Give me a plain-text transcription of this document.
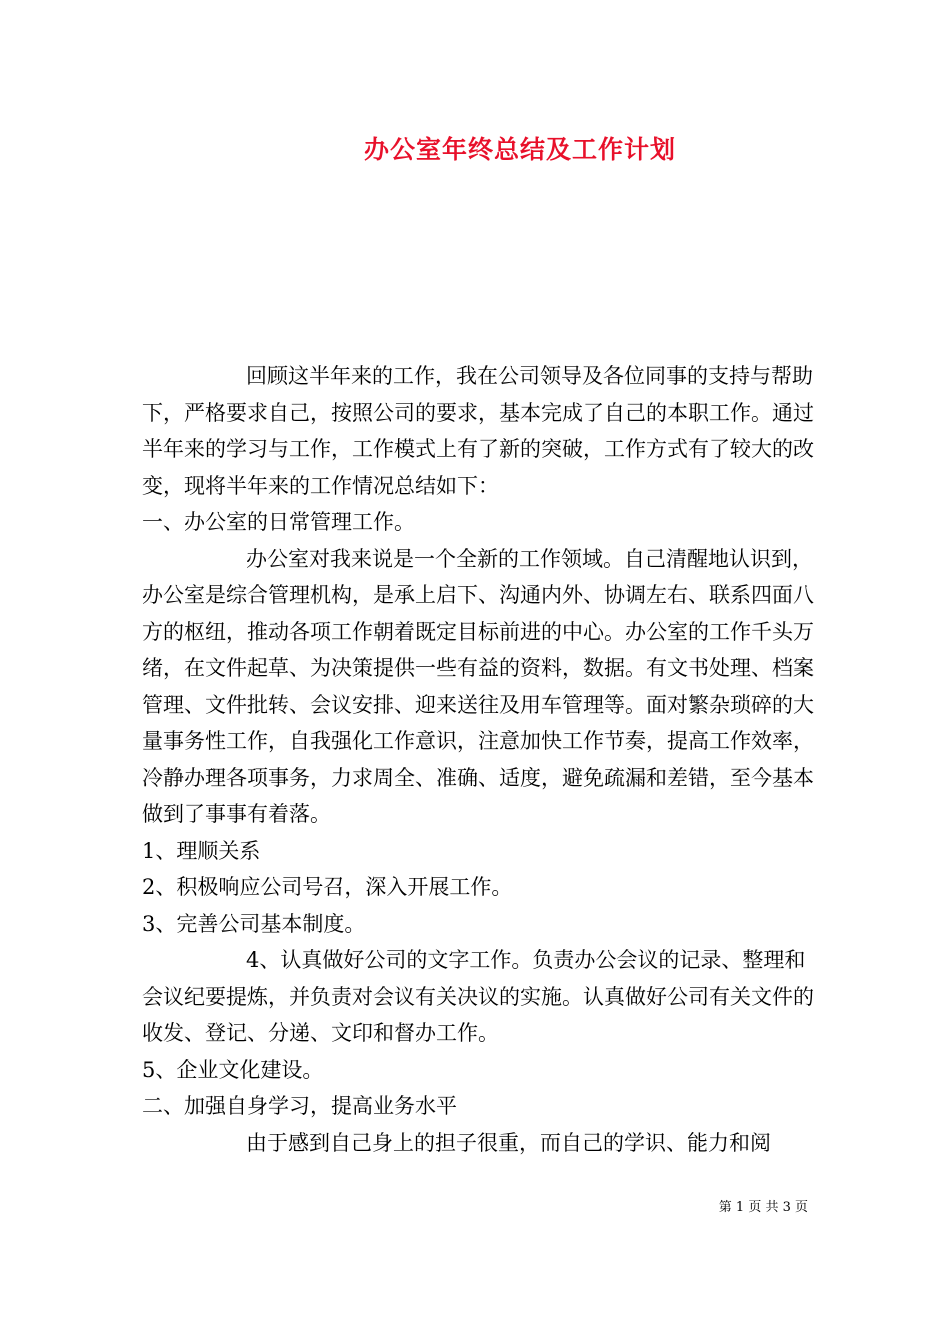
办公室年终总结及工作计划

回顾这半年来的工作，我在公司领导及各位同事的支持与帮助下，严格要求自己，按照公司的要求，基本完成了自己的本职工作。通过半年来的学习与工作，工作模式上有了新的突破，工作方式有了较大的改变，现将半年来的工作情况总结如下：

一、办公室的日常管理工作。

办公室对我来说是一个全新的工作领域。自己清醒地认识到，办公室是综合管理机构，是承上启下、沟通内外、协调左右、联系四面八方的枢纽，推动各项工作朝着既定目标前进的中心。办公室的工作千头万绪，在文件起草、为决策提供一些有益的资料，数据。有文书处理、档案管理、文件批转、会议安排、迎来送往及用车管理等。面对繁杂琐碎的大量事务性工作，自我强化工作意识，注意加快工作节奏，提高工作效率，冷静办理各项事务，力求周全、准确、适度，避免疏漏和差错，至今基本做到了事事有着落。

1、理顺关系

2、积极响应公司号召，深入开展工作。

3、完善公司基本制度。

4、认真做好公司的文字工作。负责办公会议的记录、整理和会议纪要提炼，并负责对会议有关决议的实施。认真做好公司有关文件的收发、登记、分递、文印和督办工作。

5、企业文化建设。

二、加强自身学习，提高业务水平

由于感到自己身上的担子很重，而自己的学识、能力和阅

第 1 页 共 3 页
